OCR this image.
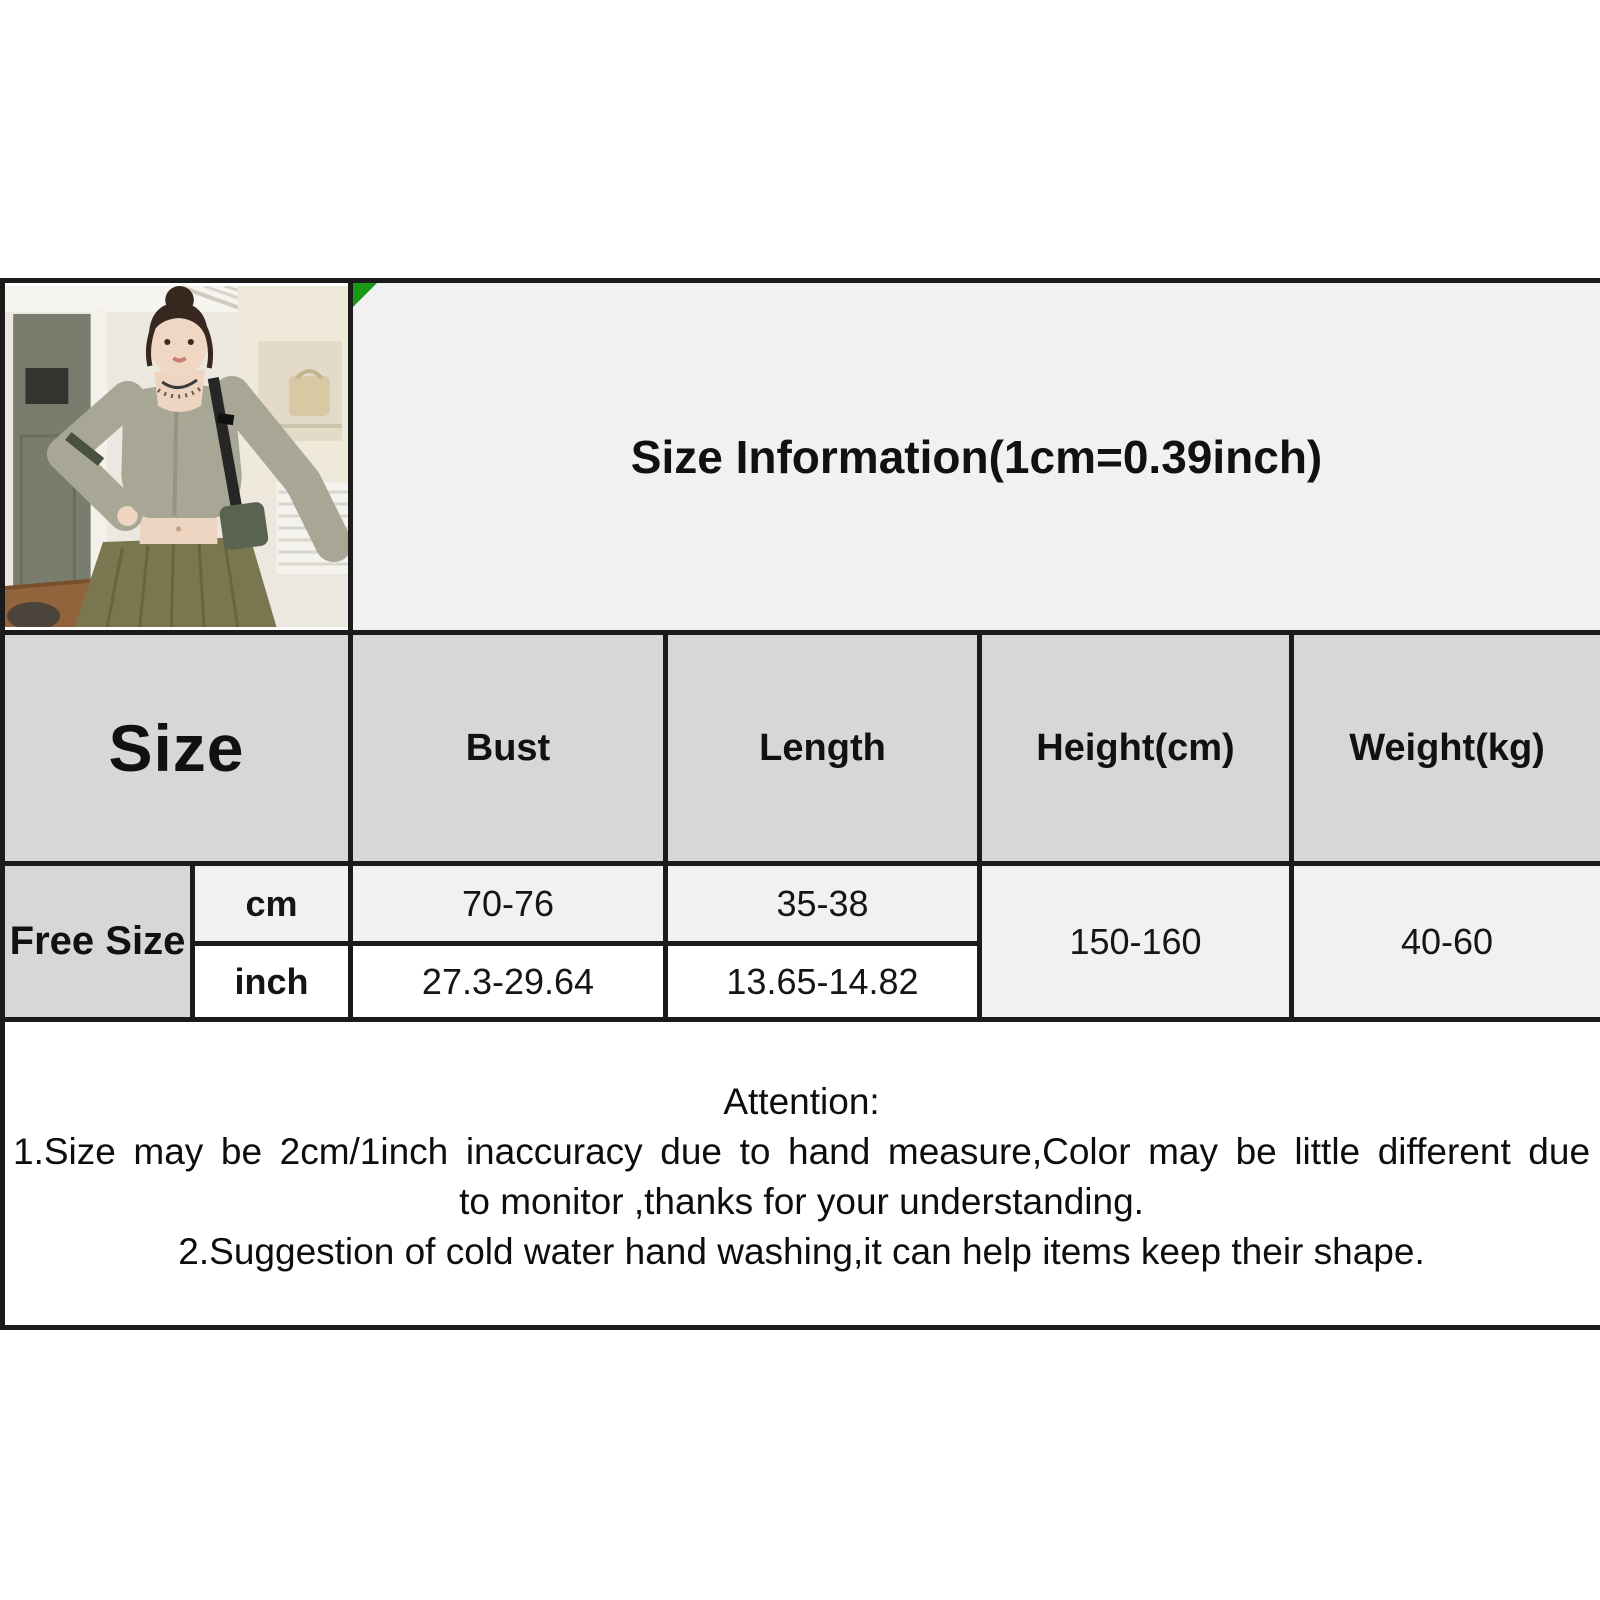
Size Information(1cm=0.39inch)			
Size		Bust	Length	Height(cm)	Weight(kg)
Free Size	cm	70-76	35-38	150-160	40-60
	inch	27.3-29.64	13.65-14.82		

Attention:

1.Size may be 2cm/1inch inaccuracy due to hand measure,Color may be little different due

to monitor ,thanks for your understanding.

2.Suggestion of cold water hand washing,it can help items keep their shape.					
